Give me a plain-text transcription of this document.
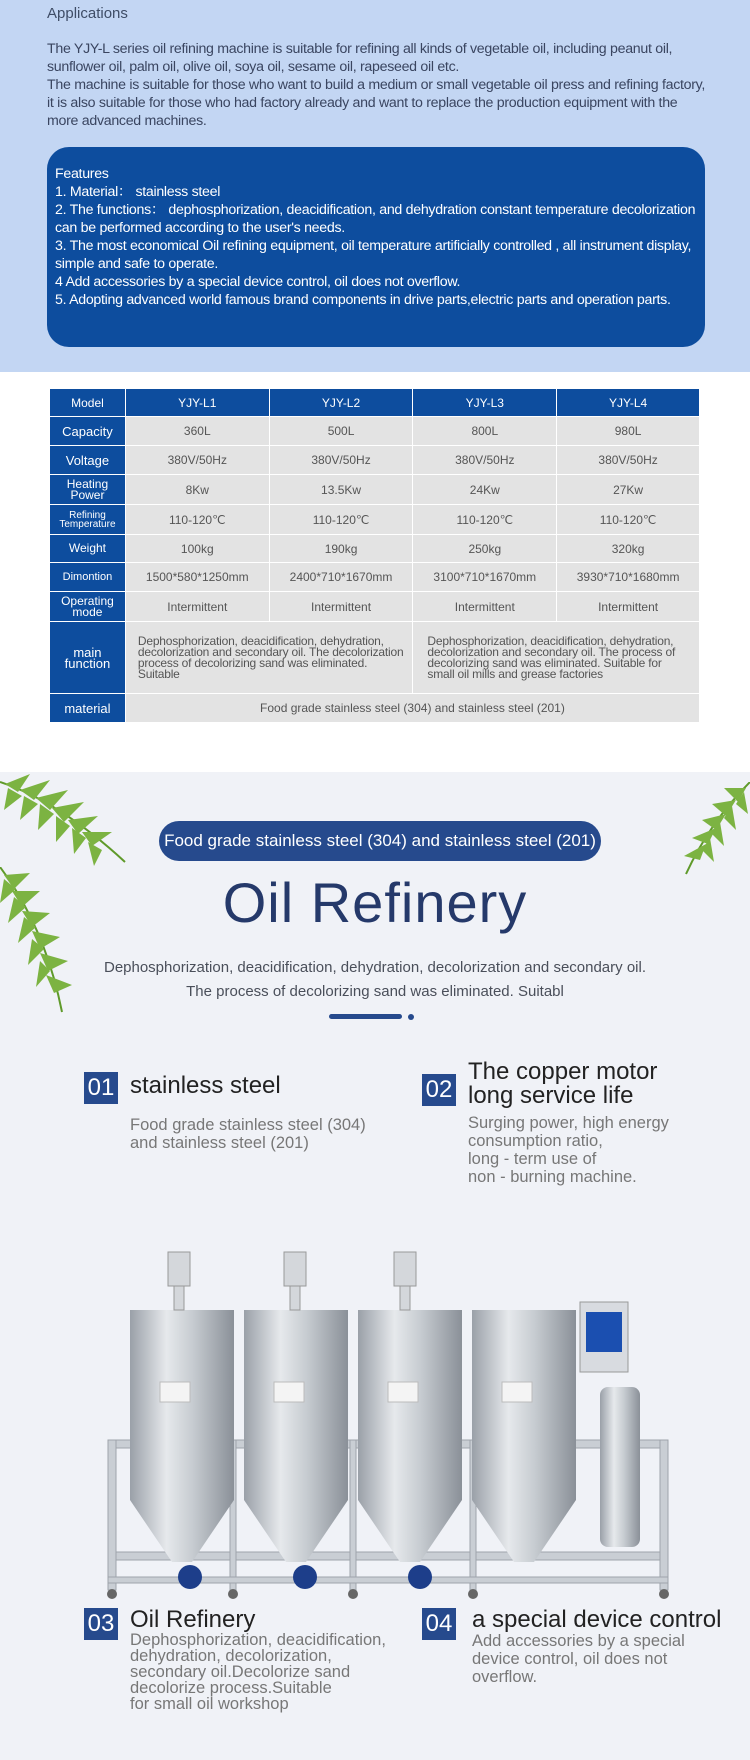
Applications

The YJY-L series oil refining machine is suitable for refining all kinds of vegetable oil, including peanut oil, sunflower oil, palm oil, olive oil, soya oil, sesame oil, rapeseed oil etc.

The machine is suitable for those who want to build a medium or small vegetable oil press and refining factory, it is also suitable for those who had factory already and want to replace the production equipment with the more advanced machines.

Features
1. Material： stainless steel
2. The functions： dephosphorization, deacidification, and dehydration constant temperature decolorization can be performed according to the user's needs.
3. The most economical Oil refining equipment, oil temperature artificially controlled , all instrument display, simple and safe to operate.
4 Add accessories by a special device control, oil does not overflow.
5. Adopting advanced world famous brand components in drive parts,electric parts and operation parts.
Model	YJY-L1	YJY-L2	YJY-L3	YJY-L4
Capacity	360L	500L	800L	980L
Voltage	380V/50Hz	380V/50Hz	380V/50Hz	380V/50Hz
Heating Power	8Kw	13.5Kw	24Kw	27Kw
Refining Temperature	110-120℃	110-120℃	110-120℃	110-120℃
Weight	100kg	190kg	250kg	320kg
Dimontion	1500*580*1250mm	2400*710*1670mm	3100*710*1670mm	3930*710*1680mm
Operating mode	Intermittent	Intermittent	Intermittent	Intermittent
main function	Dephosphorization, deacidification, dehydration, decolorization and secondary oil. The decolorization process of decolorizing sand was eliminated. Suitable		Dephosphorization, deacidification, dehydration, decolorization and secondary oil. The process of decolorizing sand was eliminated. Suitable for small oil mills and grease factories	
material	Food grade stainless steel (304) and stainless steel (201)			
Food grade stainless steel (304) and stainless steel (201)
Oil Refinery
Dephosphorization, deacidification, dehydration, decolorization and secondary oil.
The process of decolorizing sand was eliminated. Suitabl
01 stainless steel
Food grade stainless steel (304)
and stainless steel (201)
02
The copper motor
long service life
Surging power, high energy
consumption ratio,
long - term use of
non - burning machine.
03 Oil Refinery
Dephosphorization, deacidification,
dehydration, decolorization,
secondary oil.Decolorize sand
decolorize process.Suitable
for small oil workshop
04 a special device control
Add accessories by a special
device control, oil does not
overflow.
